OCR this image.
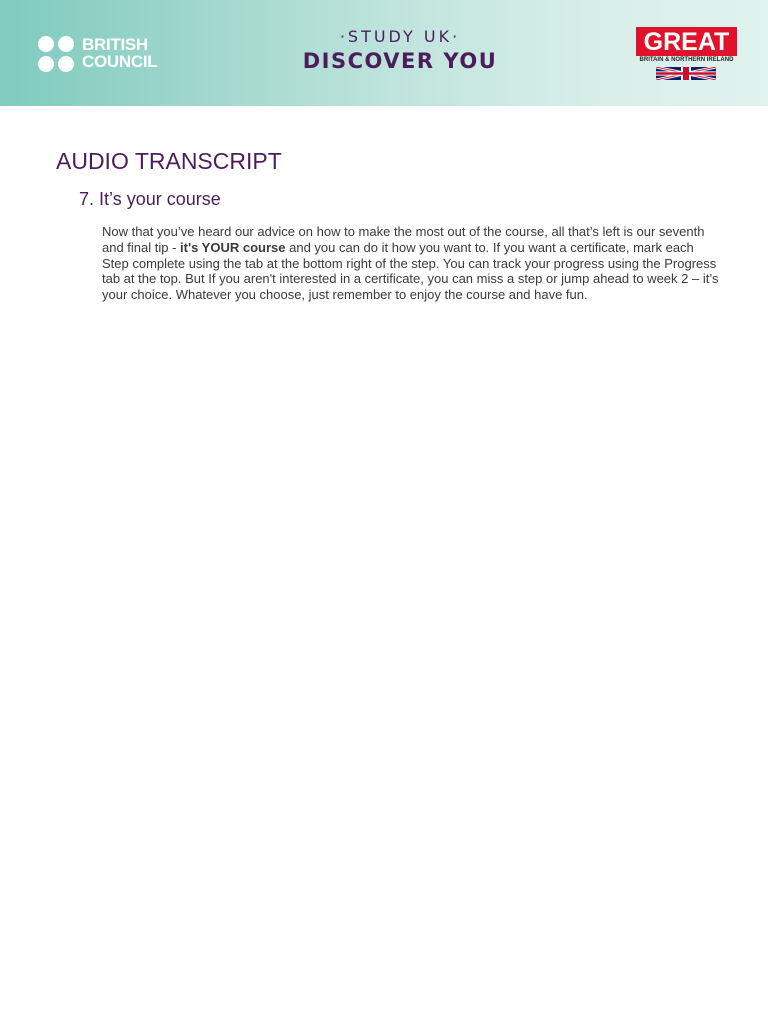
BRITISH
COUNCIL
·STUDY UK·
DISCOVER YOU
GREAT
BRITAIN & NORTHERN IRELAND
AUDIO TRANSCRIPT
7. It’s your course

Now that you’ve heard our advice on how to make the most out of the course, all that’s left is our seventh and final tip - it's YOUR course and you can do it how you want to. If you want a certificate, mark each Step complete using the tab at the bottom right of the step. You can track your progress using the Progress tab at the top. But If you aren't interested in a certificate, you can miss a step or jump ahead to week 2 – it’s your choice. Whatever you choose, just remember to enjoy the course and have fun.
